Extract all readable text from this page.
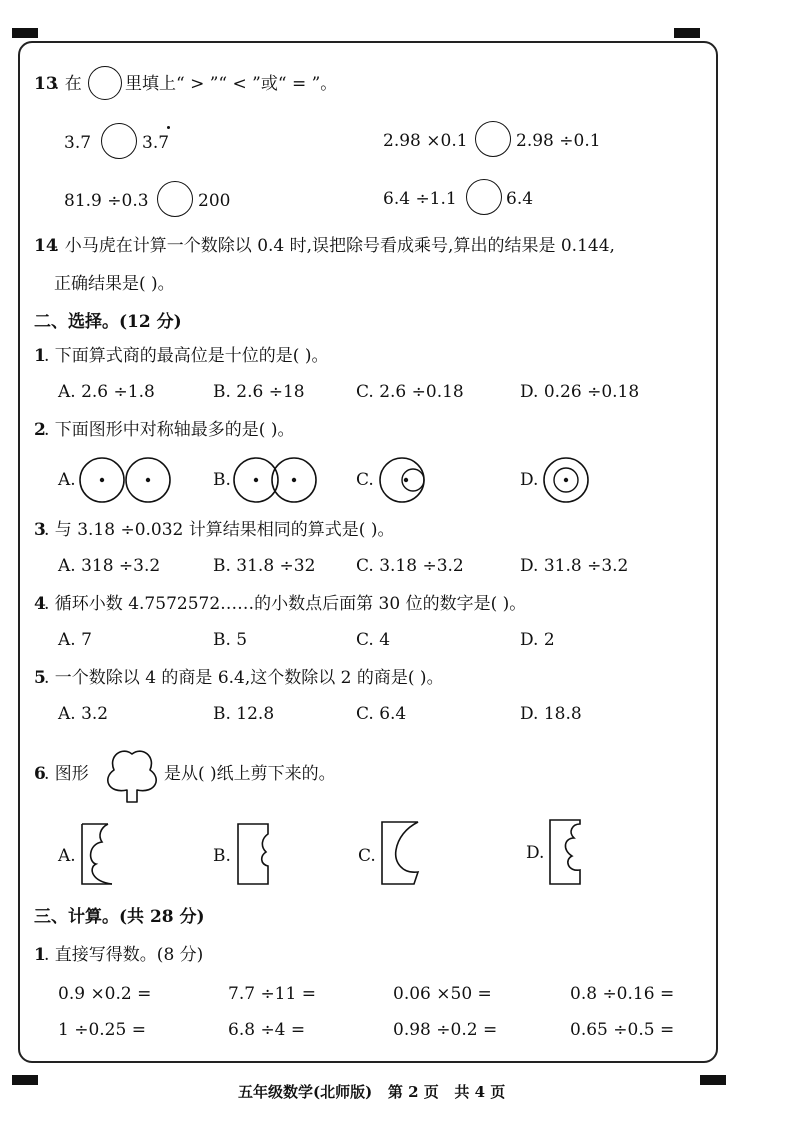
13
. 在	里填上“ > ”“ < ”或“ = ”。
3.7	3.7	2.98 ×0.1	2.98 ÷0.1
81.9 ÷0.3	200	6.4 ÷1.1	6.4
14
. 小马虎在计算一个数除以 0.4 时,误把除号看成乘号,算出的结果是 0.144,
正确结果是( )。
二、选择。(12 分)
1
. 下面算式商的最高位是十位的是( )。
A. 2.6 ÷1.8	B. 2.6 ÷18	C. 2.6 ÷0.18	D. 0.26 ÷0.18
2
. 下面图形中对称轴最多的是( )。
A.	B.	C.	D.
3
. 与 3.18 ÷0.032 计算结果相同的算式是( )。
A. 318 ÷3.2	B. 31.8 ÷32 C. 3.18 ÷3.2	D. 31.8 ÷3.2
4
. 循环小数 4.7572572……的小数点后面第 30 位的数字是( )。
A. 7	B. 5	C. 4	D. 2
5
. 一个数除以 4 的商是 6.4,这个数除以 2 的商是( )。
A. 3.2	B. 12.8	C. 6.4	D. 18.8
6
. 图形	是从( )纸上剪下来的。
A.	B.	C.	D.
三、计算。(共 28 分)
1
. 直接写得数。(8 分)
0.9 ×0.2 =	7.7 ÷11 =	0.06 ×50 =	0.8 ÷0.16 =
1 ÷0.25 =	6.8 ÷4 =	0.98 ÷0.2 =	0.65 ÷0.5 =
五年级数学(北师版)   第 2 页   共 4 页
